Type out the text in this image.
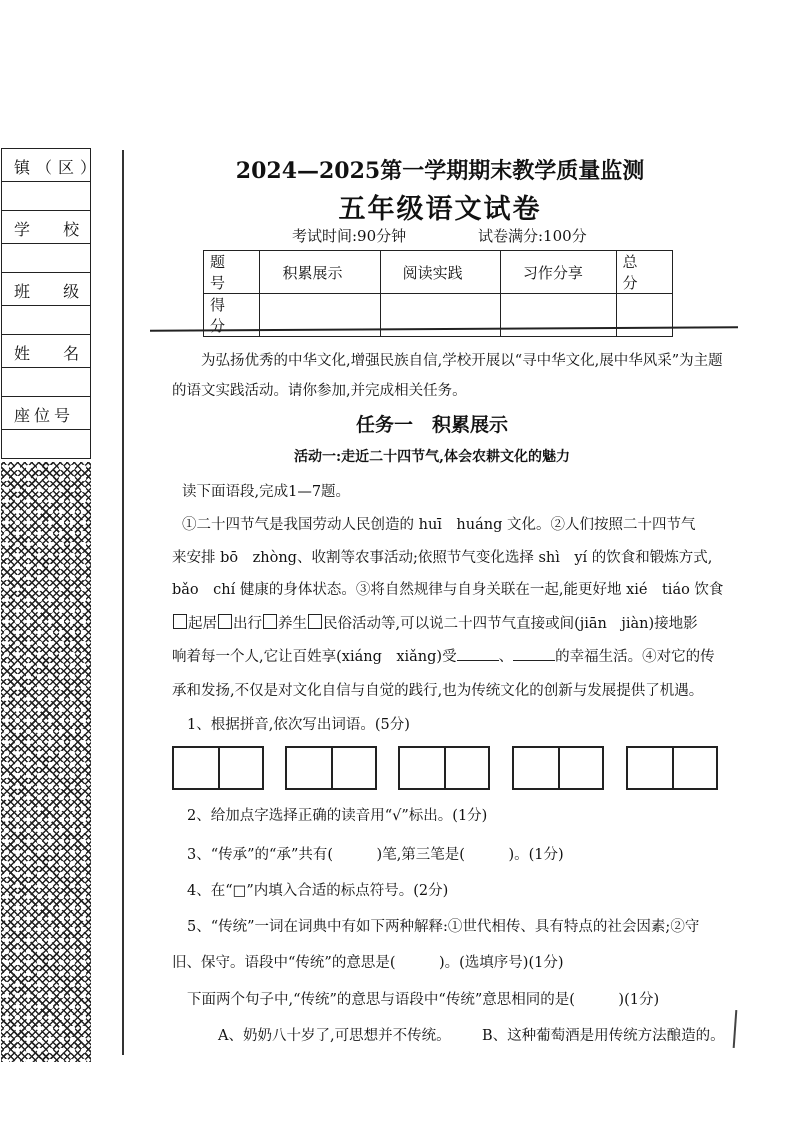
镇（区）
学 校
班 级
姓 名
座位号
2024—2025第一学期期末教学质量监测
五年级语文试卷
考试时间:90分钟	试卷满分:100分
题　号	积累展示	阅读实践	习作分享	总　分
得　分				
为弘扬优秀的中华文化,增强民族自信,学校开展以“寻中华文化,展中华风采”为主题的语文实践活动。请你参加,并完成相关任务。
任务一　积累展示
活动一:走近二十四节气,体会农耕文化的魅力
读下面语段,完成1—7题。
①二十四节气是我国劳动人民创造的 huī　huáng 文化。②人们按照二十四节气
来安排 bō　zhòng、收割等农事活动;依照节气变化选择 shì　yí 的饮食和锻炼方式,
bǎo　chí 健康的身体状态。③将自然规律与自身关联在一起,能更好地 xié　tiáo 饮食
起居 出行 养生 民俗活动等,可以说二十四节气直接或间(jiān　jiàn)接地影
响着每一个人,它让百姓享(xiáng　xiǎng)受	、	的幸福生活。④对它的传
承和发扬,不仅是对文化自信与自觉的践行,也为传统文化的创新与发展提供了机遇。
1、根据拼音,依次写出词语。(5分)
2、给加点字选择正确的读音用“√”标出。(1分)
3、“传承”的“承”共有(　　　)笔,第三笔是(　　　)。(1分)
4、在“□”内填入合适的标点符号。(2分)
5、“传统”一词在词典中有如下两种解释:①世代相传、具有特点的社会因素;②守
旧、保守。语段中“传统”的意思是(　　　)。(选填序号)(1分)
下面两个句子中,“传统”的意思与语段中“传统”意思相同的是(　　　)(1分)
A、奶奶八十岁了,可思想并不传统。	B、这种葡萄酒是用传统方法酿造的。
